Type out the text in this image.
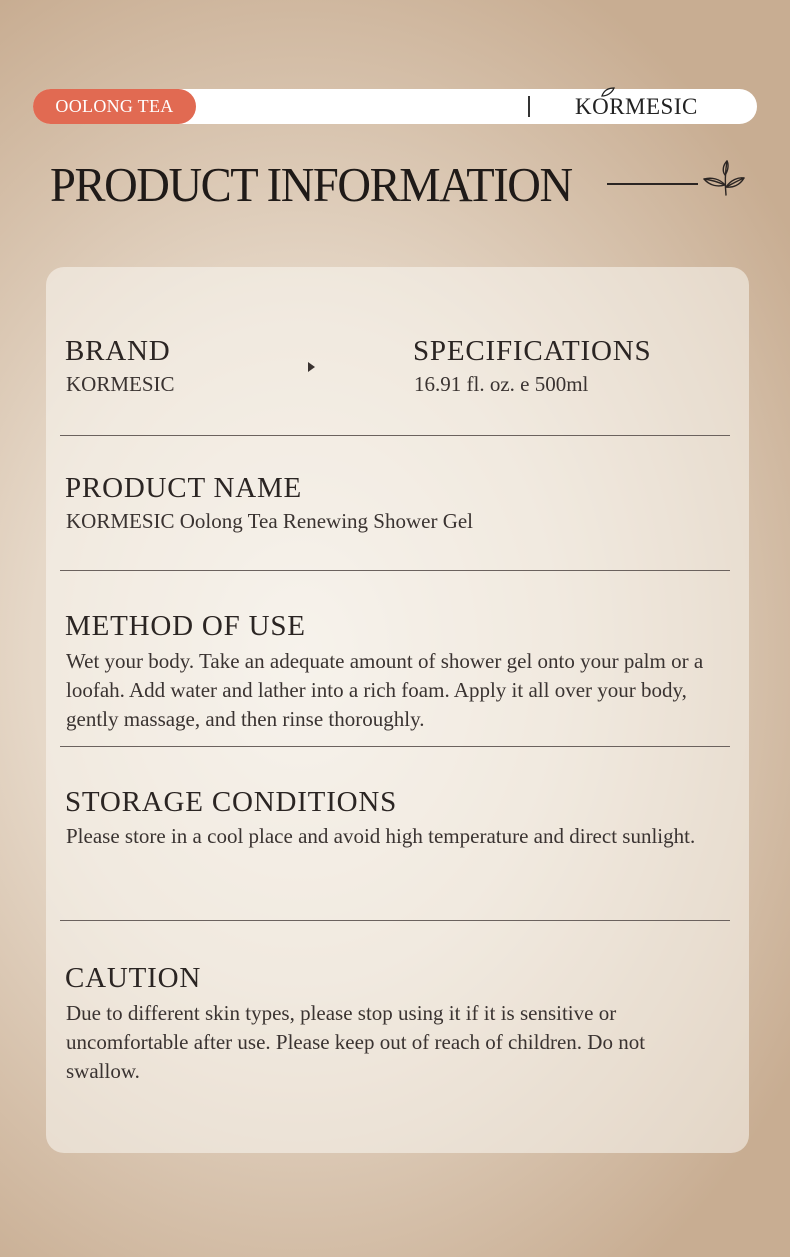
OOLONG TEA	KORMESIC
PRODUCT INFORMATION
BRAND
KORMESIC
SPECIFICATIONS
16.91 fl. oz. e 500ml
PRODUCT NAME
KORMESIC Oolong Tea Renewing Shower Gel
METHOD OF USE
Wet your body. Take an adequate amount of shower gel onto your palm or a loofah. Add water and lather into a rich foam. Apply it all over your body, gently massage, and then rinse thoroughly.
STORAGE CONDITIONS
Please store in a cool place and avoid high temperature and direct sunlight.
CAUTION
Due to different skin types, please stop using it if it is sensitive or uncomfortable after use. Please keep out of reach of children. Do not swallow.
